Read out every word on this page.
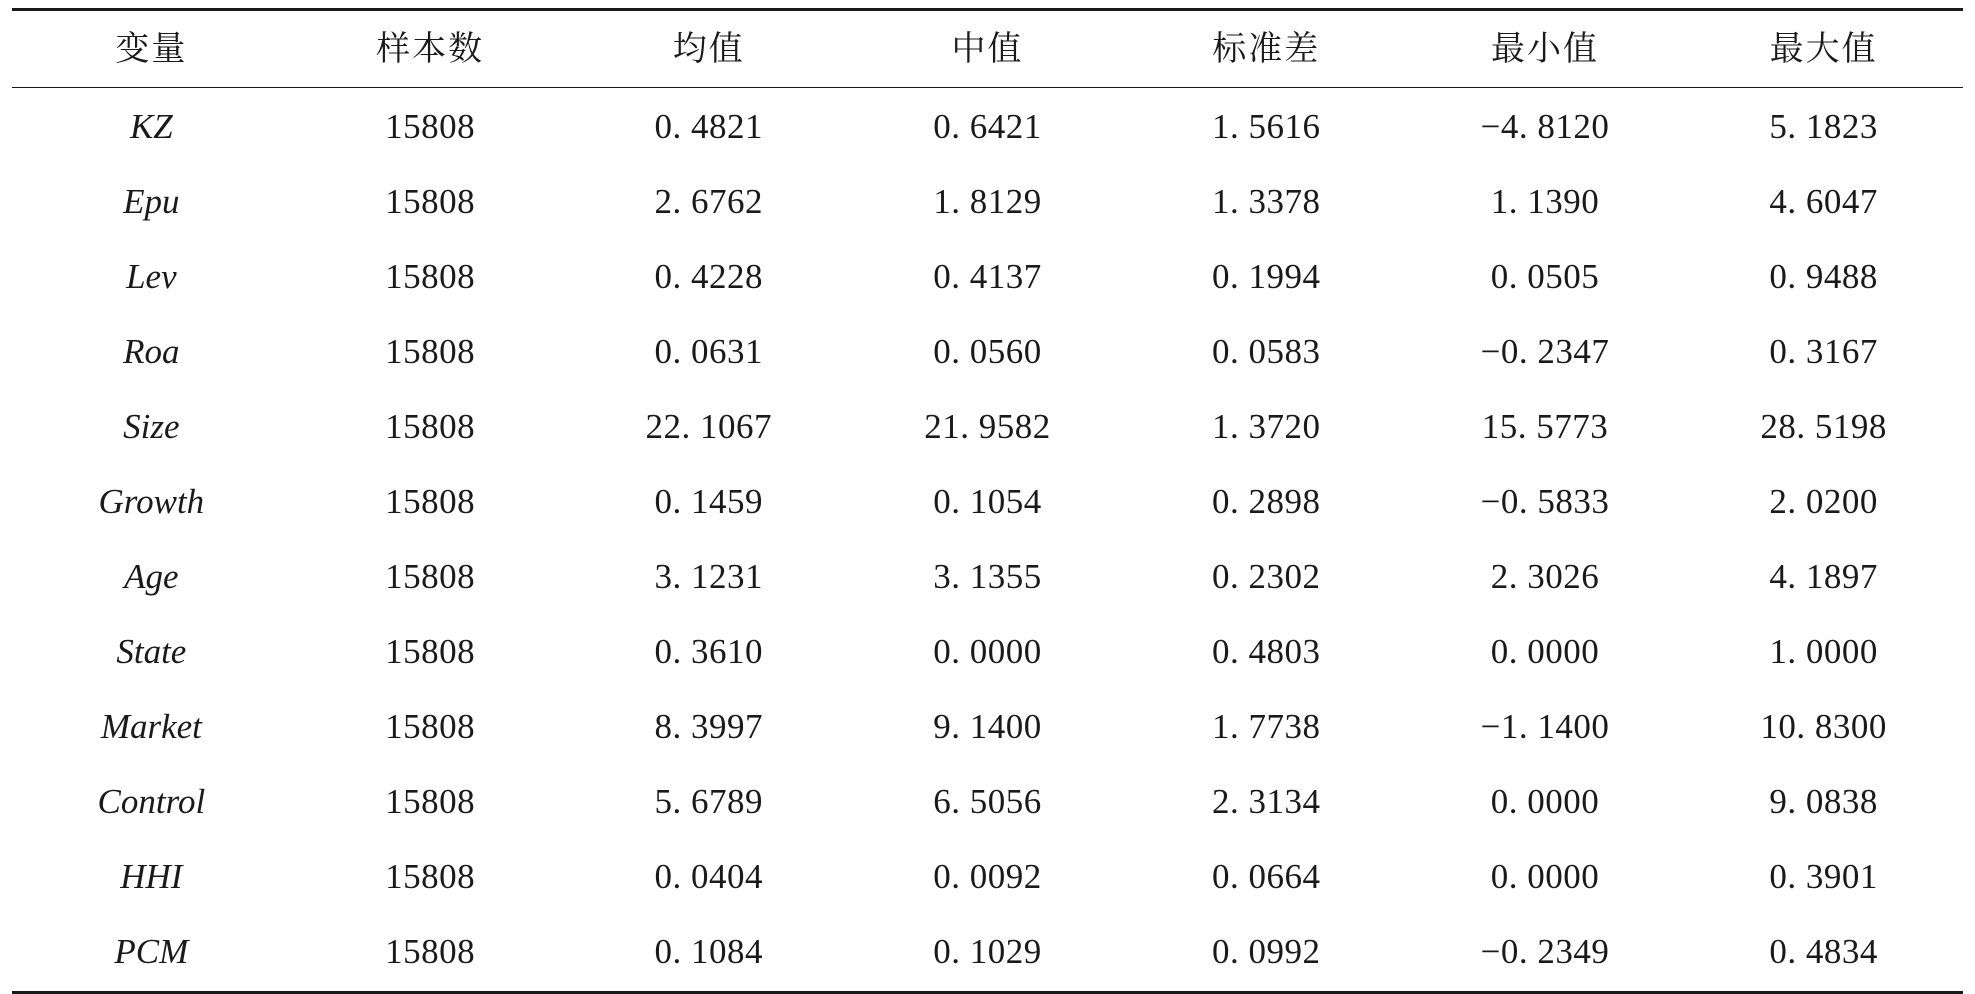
变量	样本数	均值	中值	标准差	最小值	最大值
KZ	15808	0. 4821	0. 6421	1. 5616	−4. 8120	5. 1823
Epu	15808	2. 6762	1. 8129	1. 3378	1. 1390	4. 6047
Lev	15808	0. 4228	0. 4137	0. 1994	0. 0505	0. 9488
Roa	15808	0. 0631	0. 0560	0. 0583	−0. 2347	0. 3167
Size	15808	22. 1067	21. 9582	1. 3720	15. 5773	28. 5198
Growth	15808	0. 1459	0. 1054	0. 2898	−0. 5833	2. 0200
Age	15808	3. 1231	3. 1355	0. 2302	2. 3026	4. 1897
State	15808	0. 3610	0. 0000	0. 4803	0. 0000	1. 0000
Market	15808	8. 3997	9. 1400	1. 7738	−1. 1400	10. 8300
Control	15808	5. 6789	6. 5056	2. 3134	0. 0000	9. 0838
HHI	15808	0. 0404	0. 0092	0. 0664	0. 0000	0. 3901
PCM	15808	0. 1084	0. 1029	0. 0992	−0. 2349	0. 4834
